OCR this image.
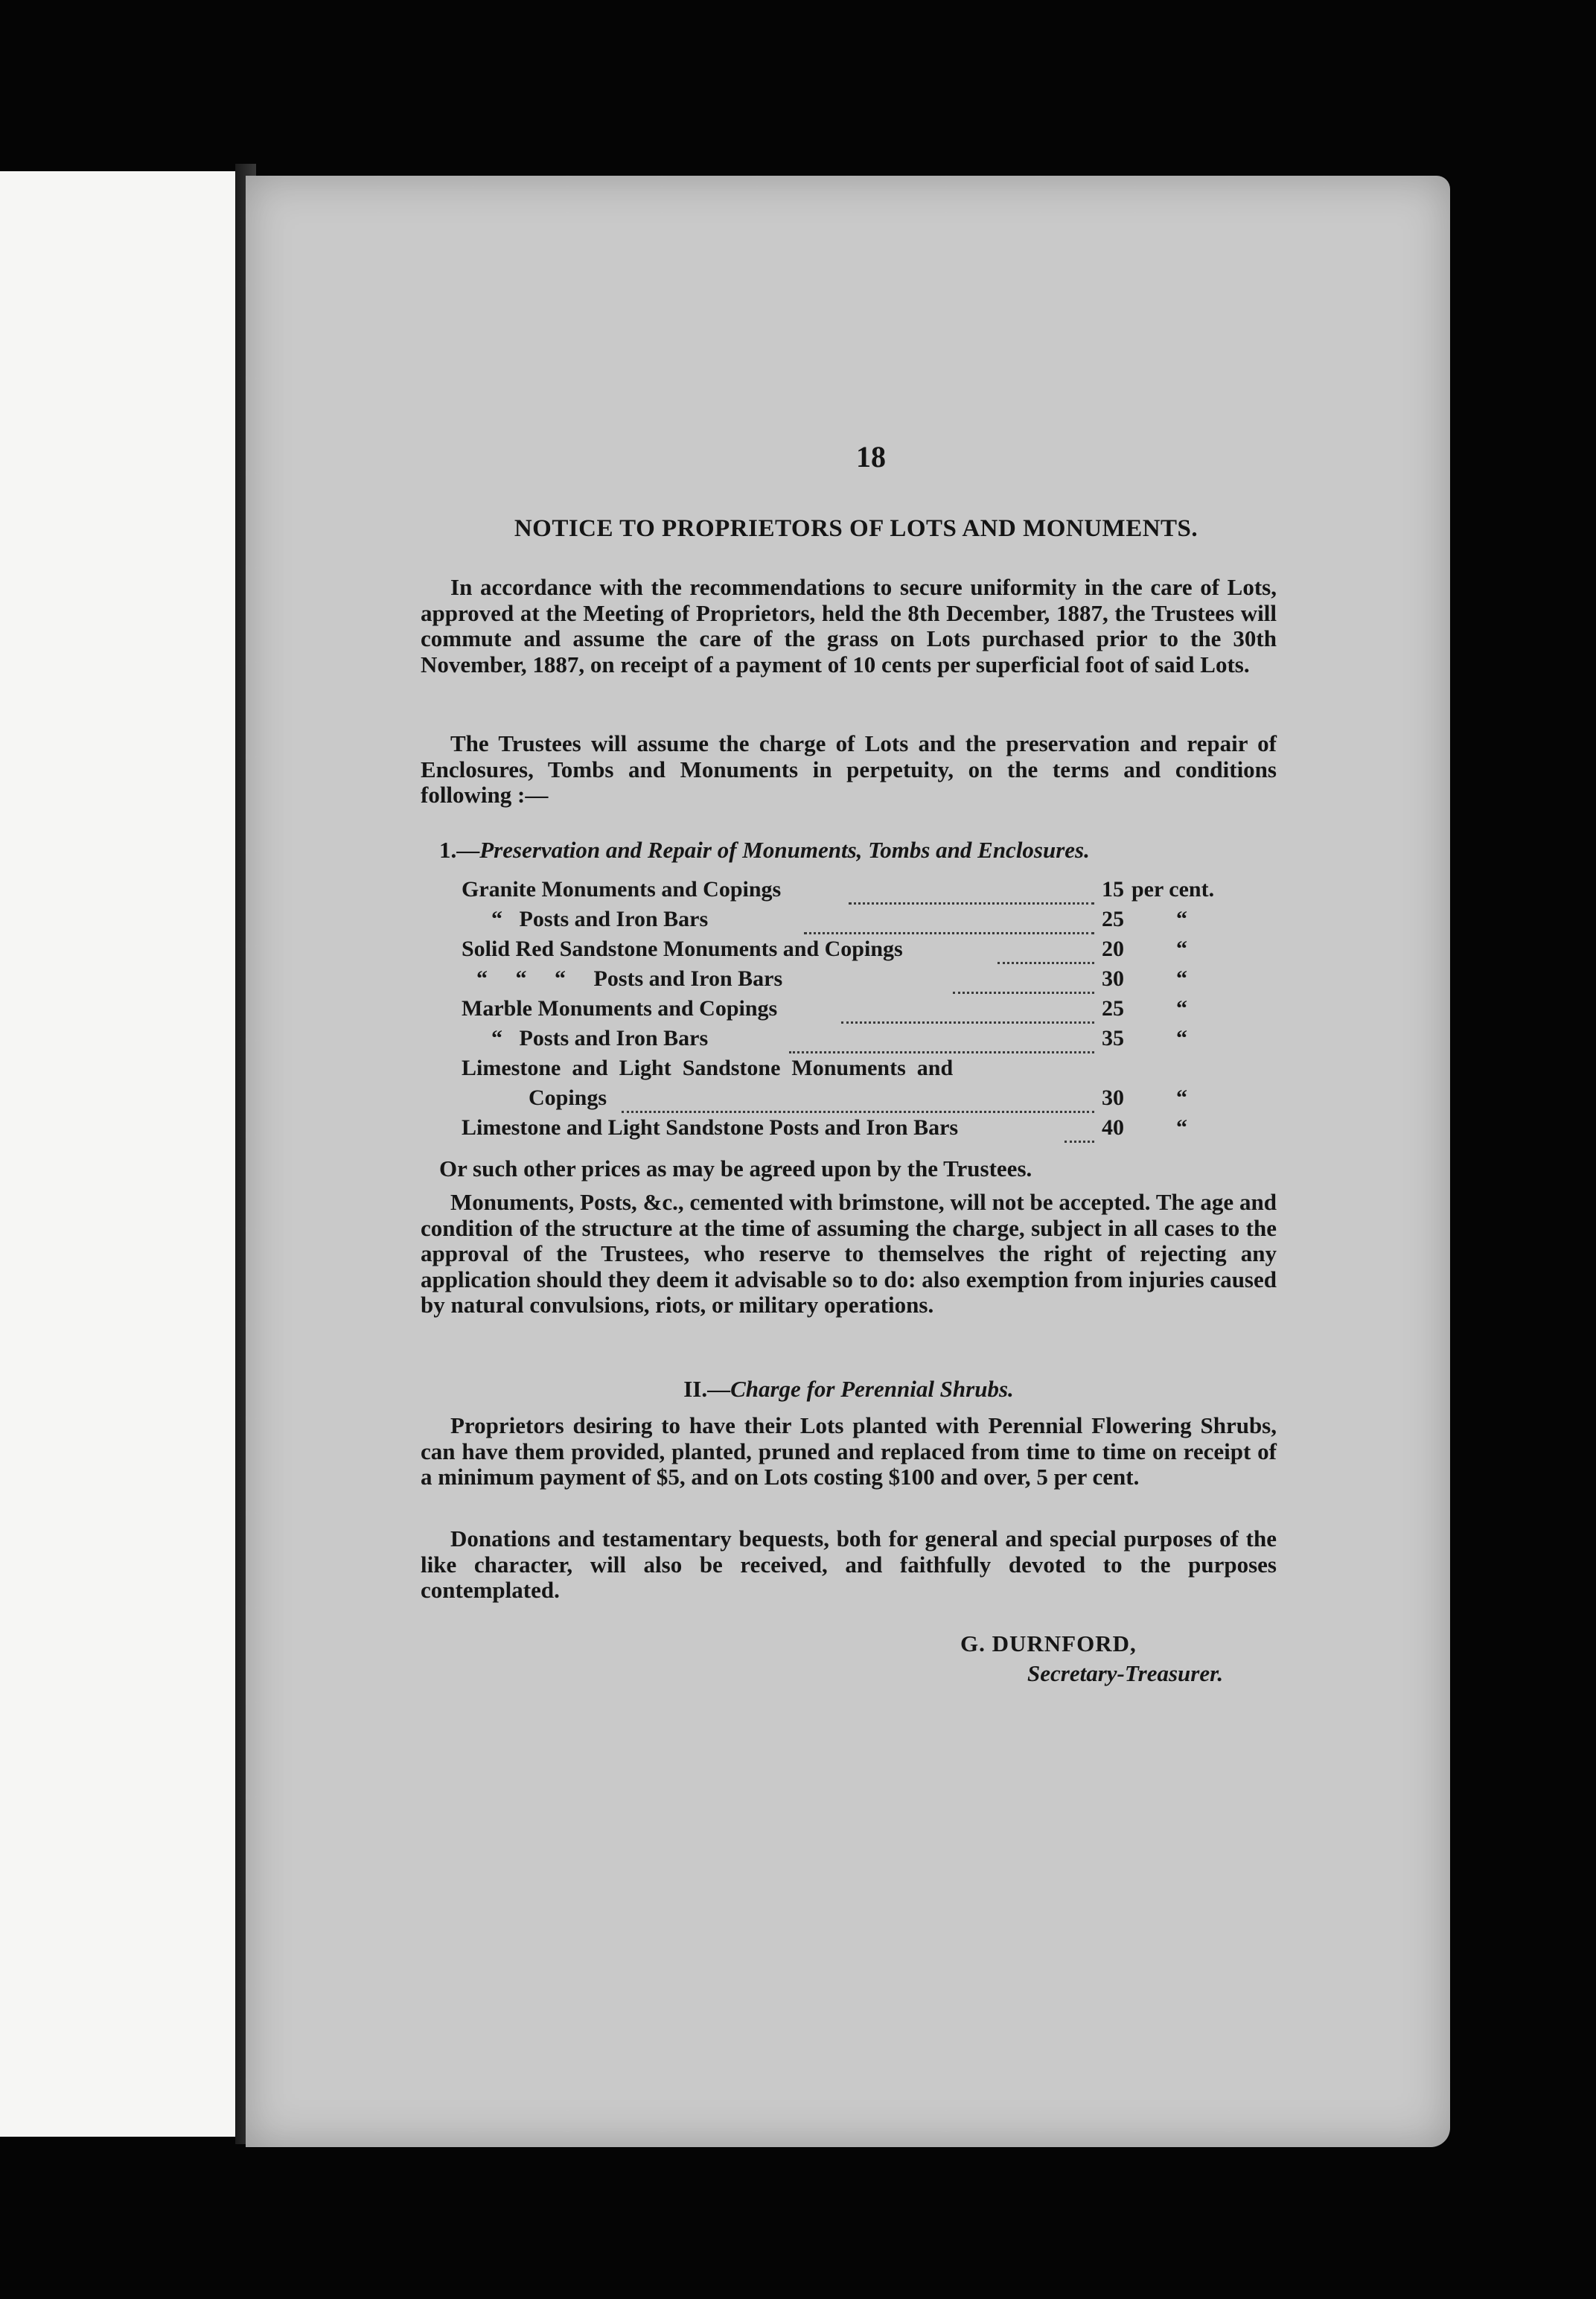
18
NOTICE TO PROPRIETORS OF LOTS AND MONUMENTS.
In accordance with the recommendations to secure uniformity in the care of Lots, approved at the Meeting of Proprietors, held the 8th December, 1887, the Trustees will commute and assume the care of the grass on Lots purchased prior to the 30th November, 1887, on receipt of a payment of 10 cents per superficial foot of said Lots.
The Trustees will assume the charge of Lots and the preservation and repair of Enclosures, Tombs and Monuments in perpetuity, on the terms and conditions following :—
1.—Preservation and Repair of Monuments, Tombs and Enclosures.
Granite Monuments and Copings	15 per cent.
“   Posts and Iron Bars	25 “
Solid Red Sandstone Monuments and Copings	20 “
“     “     “     Posts and Iron Bars	30 “
Marble Monuments and Copings	25 “
“   Posts and Iron Bars	35 “
Limestone  and  Light  Sandstone  Monuments  and
Copings	30 “
Limestone and Light Sandstone Posts and Iron Bars	40 “
Or such other prices as may be agreed upon by the Trustees.
Monuments, Posts, &c., cemented with brimstone, will not be accepted. The age and condition of the structure at the time of assuming the charge, subject in all cases to the approval of the Trustees, who reserve to themselves the right of rejecting any application should they deem it advisable so to do: also exemption from injuries caused by natural convulsions, riots, or military operations.
II.—Charge for Perennial Shrubs.
Proprietors desiring to have their Lots planted with Perennial Flowering Shrubs, can have them provided, planted, pruned and replaced from time to time on receipt of a minimum payment of $5, and on Lots costing $100 and over, 5 per cent.
Donations and testamentary bequests, both for general and special purposes of the like character, will also be received, and faithfully devoted to the purposes contemplated.
G. DURNFORD,
Secretary-Treasurer.
